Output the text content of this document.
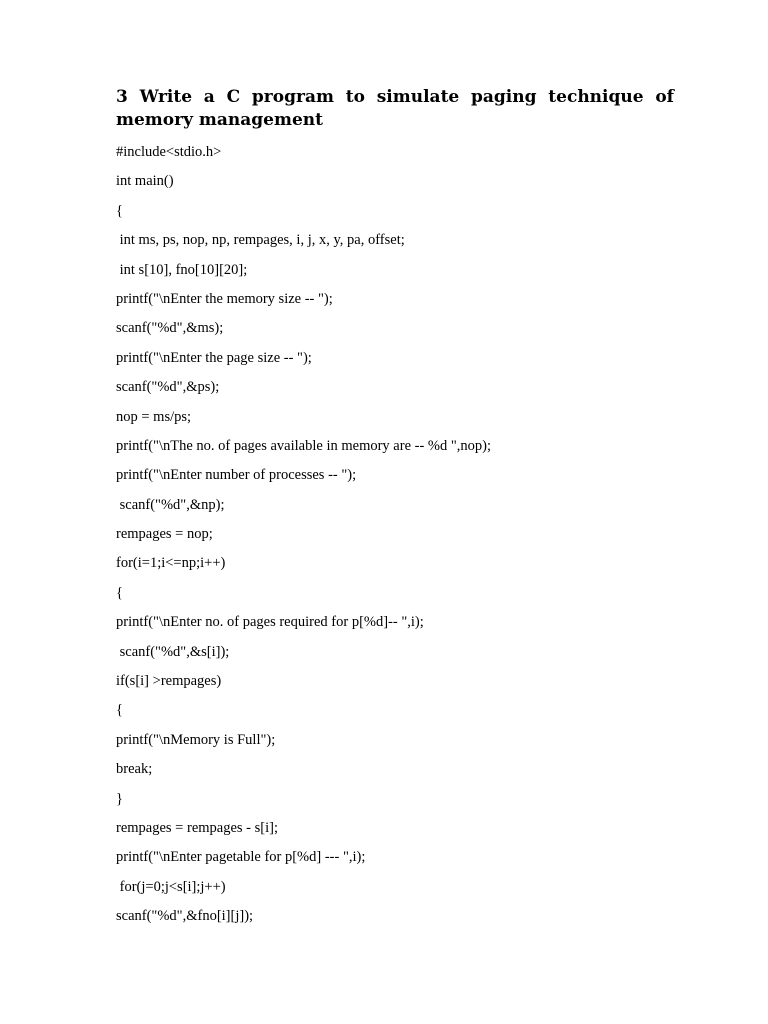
3 Write a C program to simulate paging technique of memory management
#include<stdio.h>
int main()
{
int ms, ps, nop, np, rempages, i, j, x, y, pa, offset;
int s[10], fno[10][20];
printf("\nEnter the memory size -- ");
scanf("%d",&ms);
printf("\nEnter the page size -- ");
scanf("%d",&ps);
nop = ms/ps;
printf("\nThe no. of pages available in memory are -- %d ",nop);
printf("\nEnter number of processes -- ");
scanf("%d",&np);
rempages = nop;
for(i=1;i<=np;i++)
{
printf("\nEnter no. of pages required for p[%d]-- ",i);
scanf("%d",&s[i]);
if(s[i] >rempages)
{
printf("\nMemory is Full");
break;
}
rempages = rempages - s[i];
printf("\nEnter pagetable for p[%d] --- ",i);
for(j=0;j<s[i];j++)
scanf("%d",&fno[i][j]);
